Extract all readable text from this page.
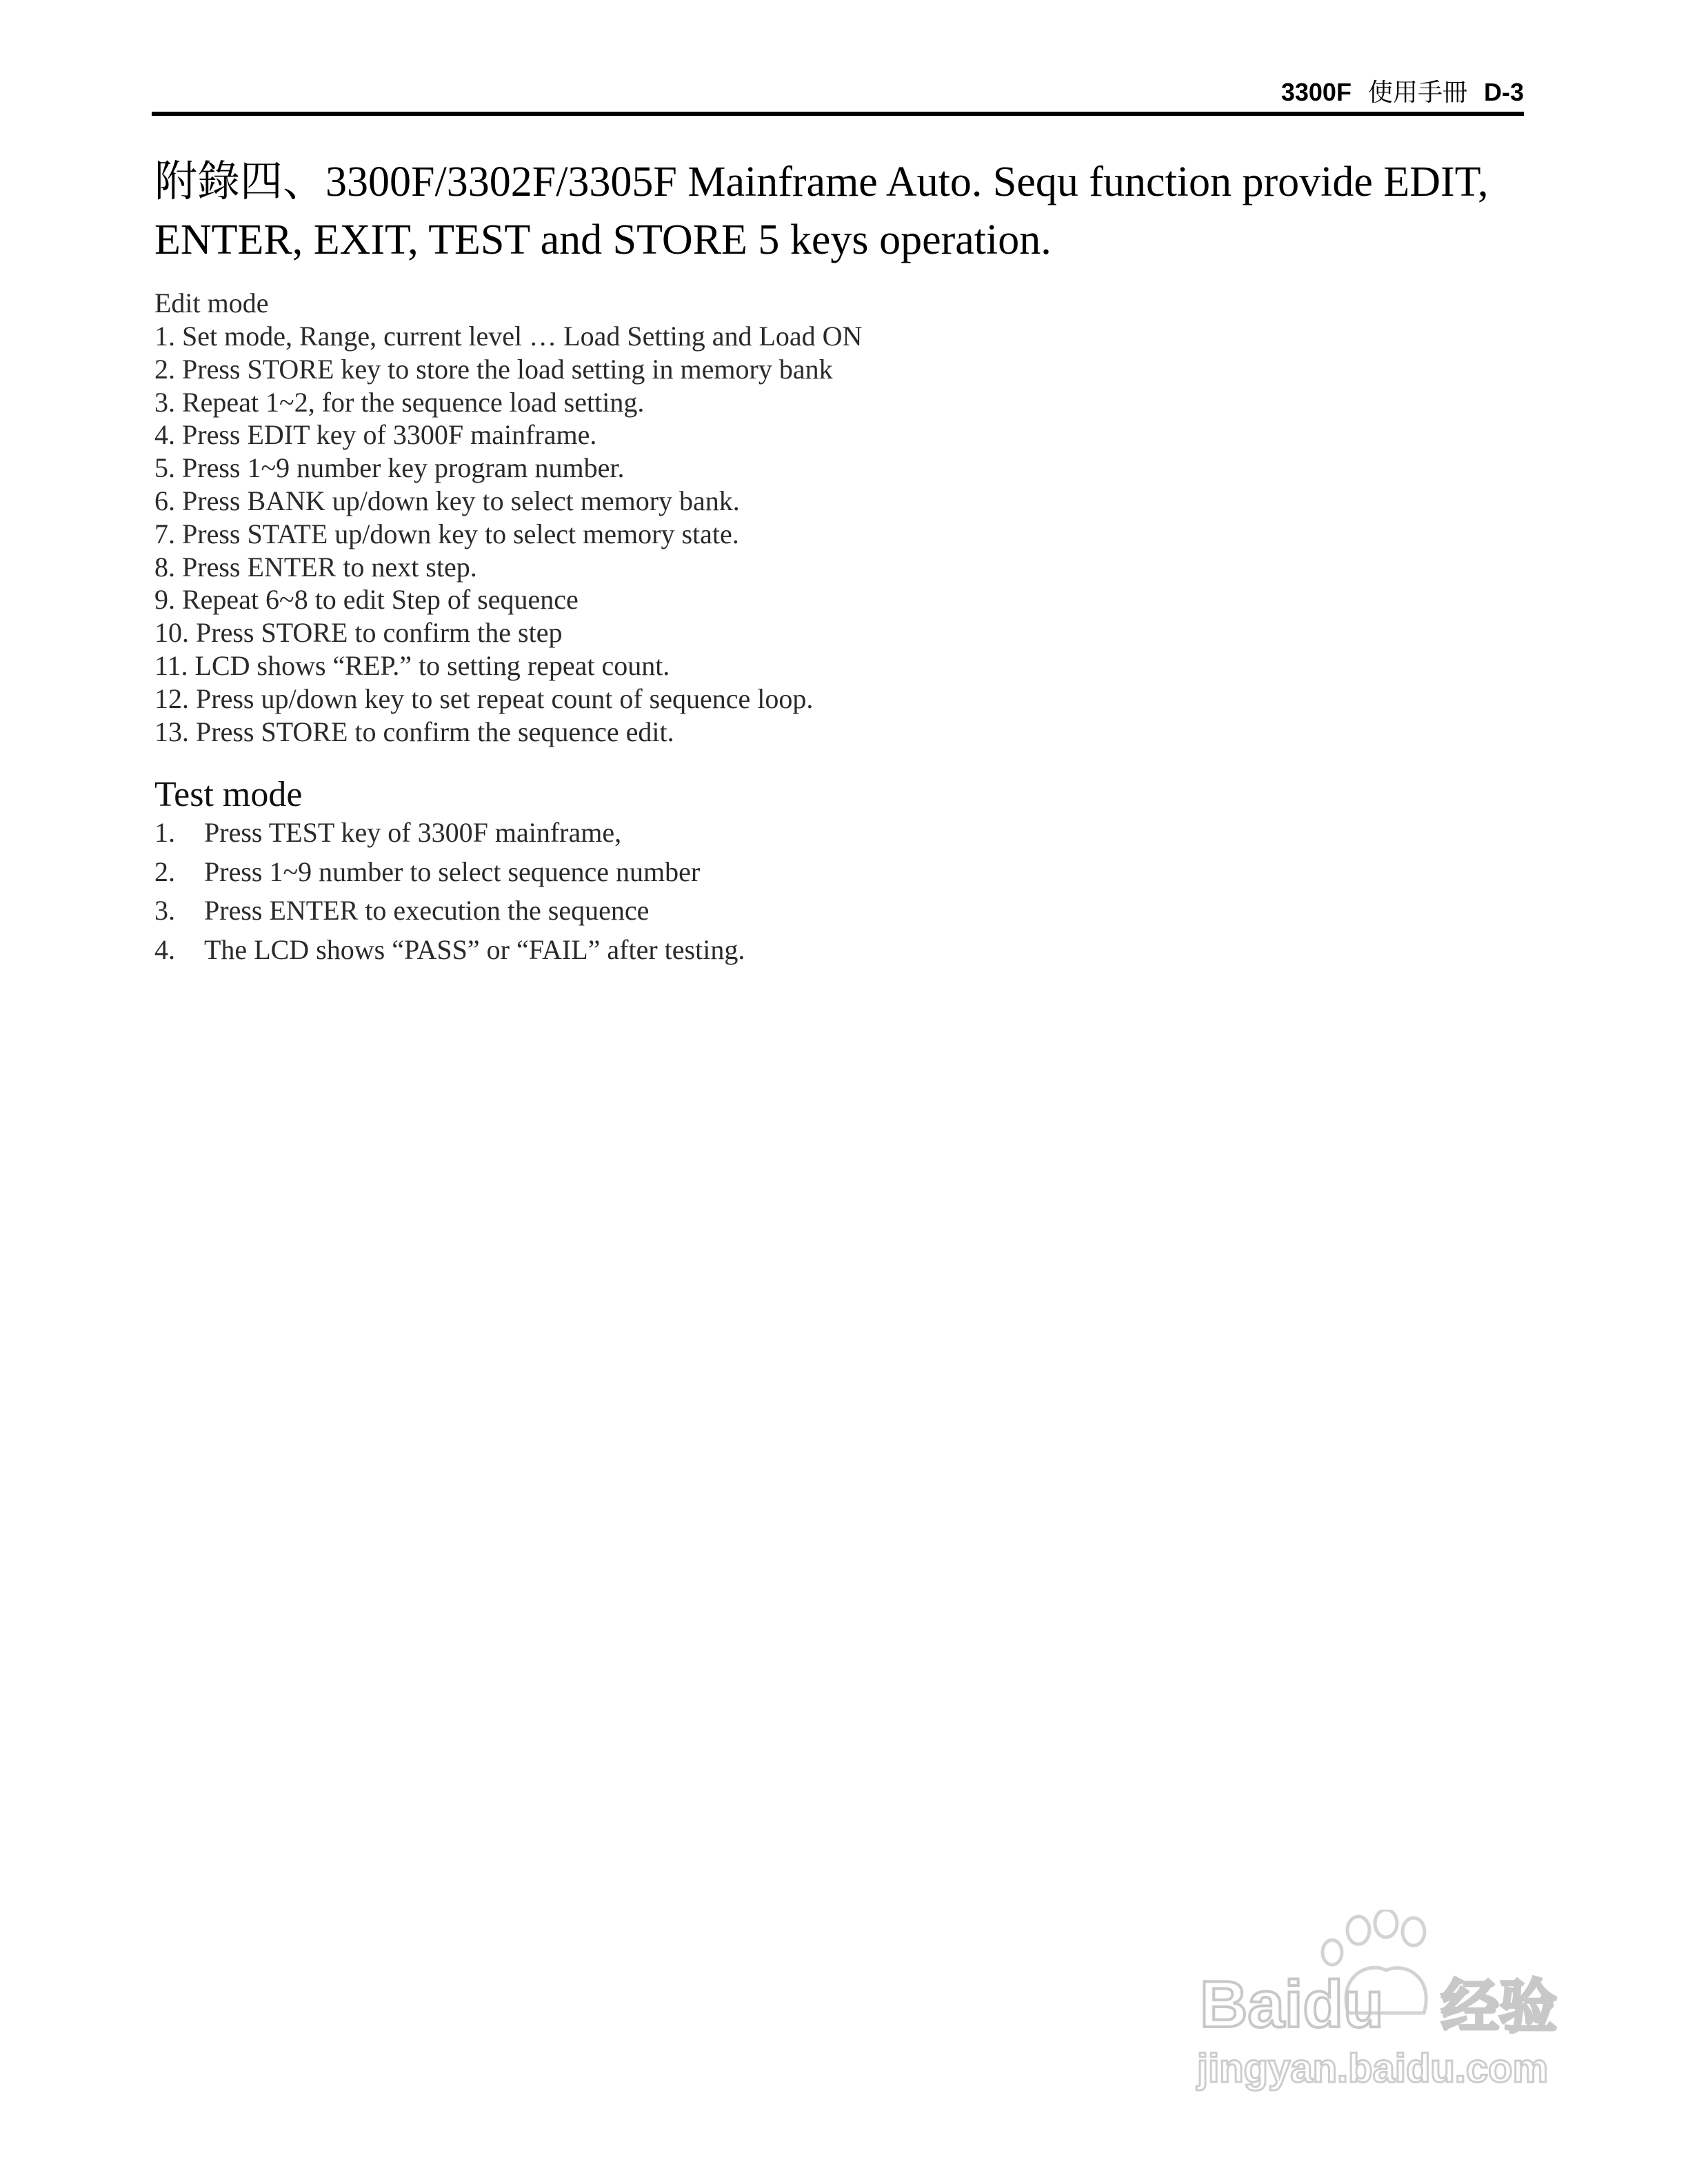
3300F 使用手冊 D-3
附錄四、3300F/3302F/3305F Mainframe Auto. Sequ function provide EDIT, ENTER, EXIT, TEST and STORE 5 keys operation.
Edit mode
1. Set mode, Range, current level … Load Setting and Load ON
2. Press STORE key to store the load setting in memory bank
3. Repeat 1~2, for the sequence load setting.
4. Press EDIT key of 3300F mainframe.
5. Press 1~9 number key program number.
6. Press BANK up/down key to select memory bank.
7. Press STATE up/down key to select memory state.
8. Press ENTER to next step.
9. Repeat 6~8 to edit Step of sequence
10. Press STORE to confirm the step
11. LCD shows “REP.” to setting repeat count.
12. Press up/down key to set repeat count of sequence loop.
13. Press STORE to confirm the sequence edit.
Test mode
1.	Press TEST key of 3300F mainframe,
2.	Press 1~9 number to select sequence number
3.	Press ENTER to execution the sequence
4.	The LCD shows “PASS” or “FAIL” after testing.
Baidu 经验
jingyan.baidu.com
